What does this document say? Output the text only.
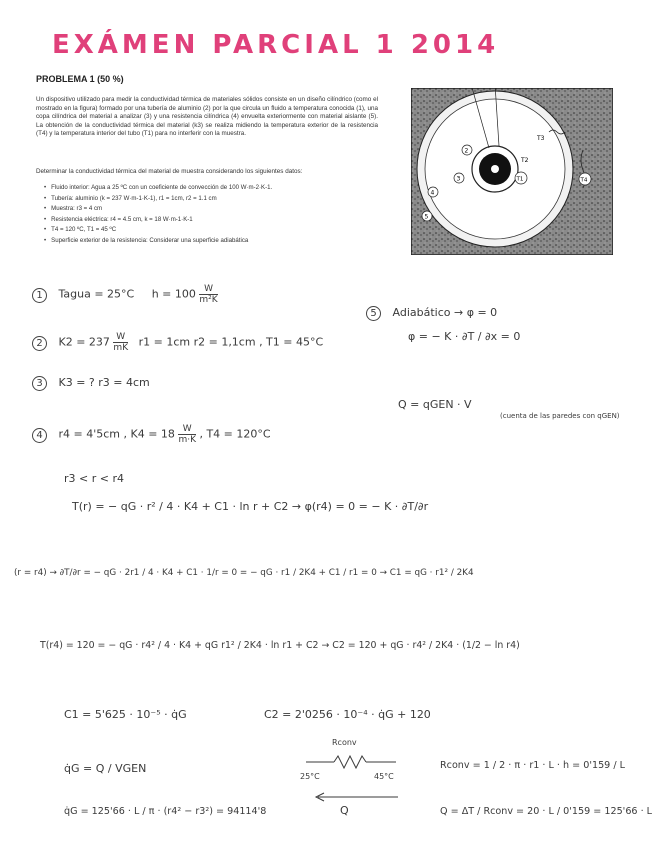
EXÁMEN PARCIAL 1 2014
PROBLEMA 1 (50 %)
Un dispositivo utilizado para medir la conductividad térmica de materiales sólidos consiste en un diseño cilíndrico (como el mostrado en la figura) formado por una tubería de aluminio (2) por la que circula un fluido a temperatura conocida (1), una copa cilíndrica del material a analizar (3) y una resistencia cilíndrica (4) envuelta exteriormente con material aislante (5). La obtención de la conductividad térmica del material (k3) se realiza midiendo la temperatura exterior de la resistencia (T4) y la temperatura interior del tubo (T1) para no interferir con la muestra.
Determinar la conductividad térmica del material de muestra considerando los siguientes datos:
• Fluido interior: Agua a 25 ºC con un coeficiente de convección de 100 W·m-2·K-1.
• Tubería: aluminio (k = 237 W·m-1·K-1), r1 = 1cm, r2 = 1.1 cm
• Muestra: r3 = 4 cm
• Resistencia eléctrica: r4 = 4.5 cm, k = 18 W·m-1·K-1
• T4 = 120 ºC, T1 = 45 ºC
• Superficie exterior de la resistencia: Considerar una superficie adiabática
2
3
4
5
1
T1
T2
T3
T4
1 Tagua = 25°C $h = 100 \frac{W}{\text{m²K}}$
2 $K2 = 237 \frac{W}{mK} r1 = 1cm$ r2 = 1,1cm , T1 = 45°C
3 K3 = ? r3 = 4cm
4 r4 = 4'5cm , $K4 = 18 \frac{W}{m\cdot K}$ , T4 = 120°C
5 Adiabático → φ = 0
φ = − K · ∂T / ∂x = 0
Q = qGEN · V
(cuenta de las paredes con qGEN)
r3 < r < r4
T(r) = − qG · r² / 4 · K4 + C1 · ln r + C2 → φ(r4) = 0 = − K · ∂T/∂r
(r = r4) → ∂T/∂r = − qG · 2r1 / 4 · K4 + C1 · 1/r = 0 = − qG · r1 / 2K4 + C1 / r1 = 0 → C1 = qG · r1² / 2K4
T(r4) = 120 = − qG · r4² / 4 · K4 + qG r1² / 2K4 · ln r1 + C2 → C2 = 120 + qG · r4² / 2K4 · (1/2 − ln r4)
C1 = 5'625 · 10⁻⁵ · q̇G	C2 = 2'0256 · 10⁻⁴ · q̇G + 120
q̇G = Q / VGEN
Rconv
25°C	45°C
Q
Rconv = 1 / 2 · π · r1 · L · h = 0'159 / L
q̇G = 125'66 · L / π · (r4² − r3²) = 94114'8	Q = ΔT / Rconv = 20 · L / 0'159 = 125'66 · L
